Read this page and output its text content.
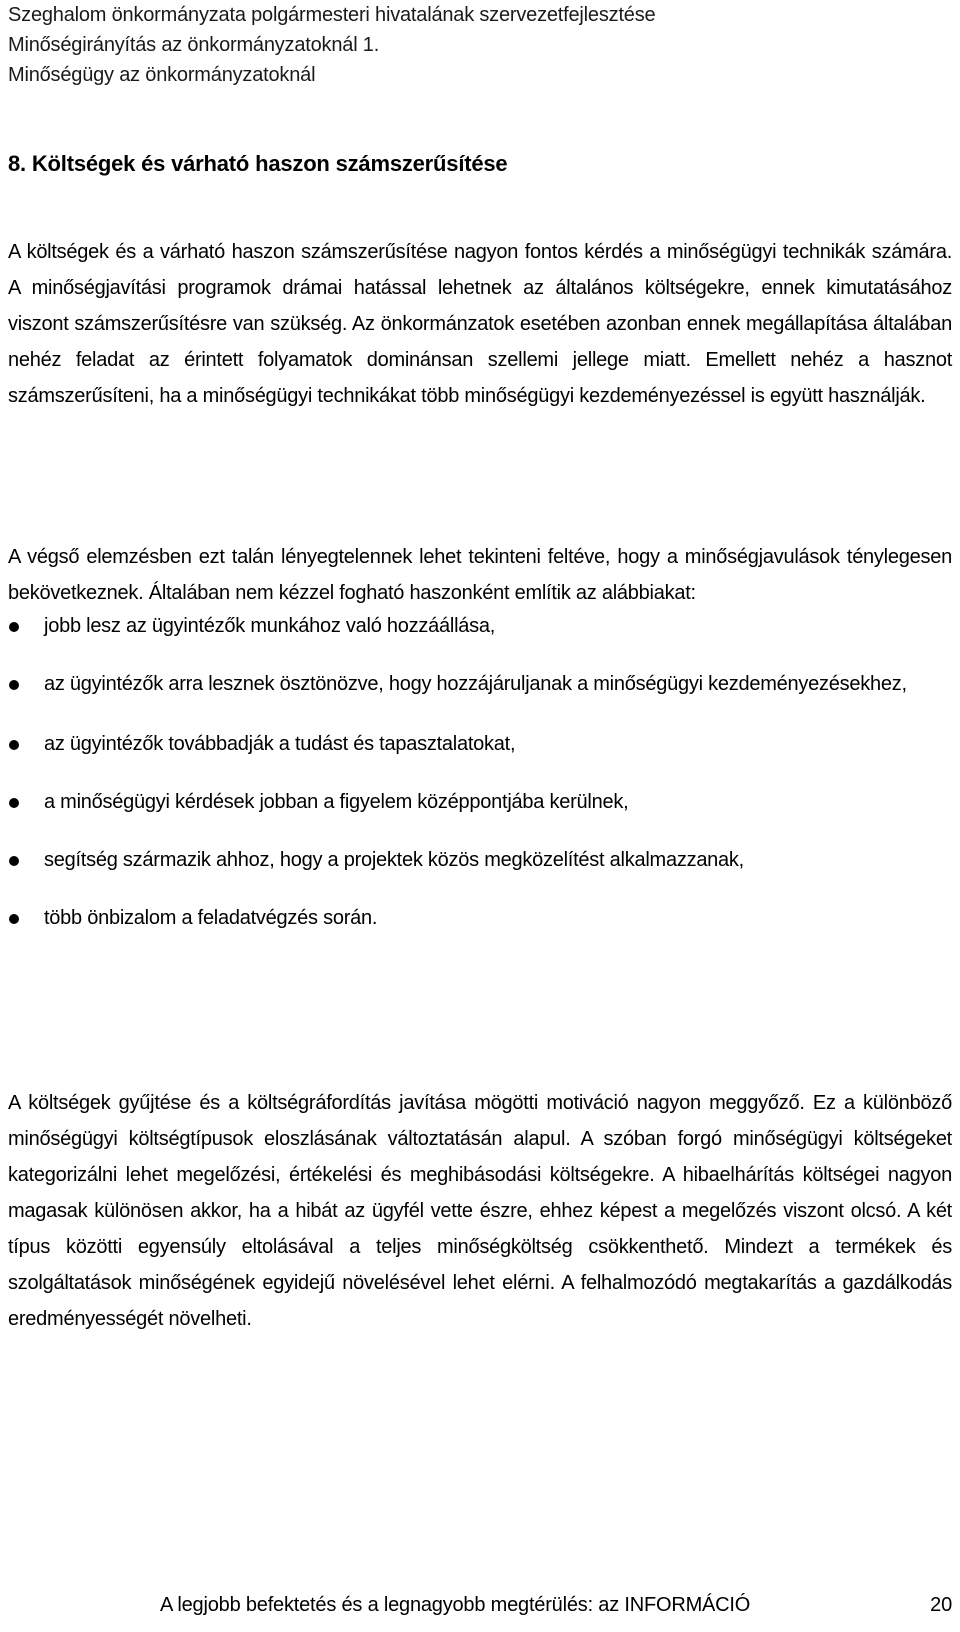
Szeghalom önkormányzata polgármesteri hivatalának szervezetfejlesztése
Minőségirányítás az önkormányzatoknál 1.
Minőségügy az önkormányzatoknál
8. Költségek és várható haszon számszerűsítése

A költségek és a várható haszon számszerűsítése nagyon fontos kérdés a minőségügyi technikák számára. A minőségjavítási programok drámai hatással lehetnek az általános költségekre, ennek kimutatásához viszont számszerűsítésre van szükség. Az önkormánzatok esetében azonban ennek megállapítása általában nehéz feladat az érintett folyamatok dominánsan szellemi jellege miatt. Emellett nehéz a hasznot számszerűsíteni, ha a minőségügyi technikákat több minőségügyi kezdeményezéssel is együtt használják.

A végső elemzésben ezt talán lényegtelennek lehet tekinteni feltéve, hogy a minőségjavulások ténylegesen bekövetkeznek. Általában nem kézzel fogható haszonként említik az alábbiakat:

jobb lesz az ügyintézők munkához való hozzáállása,
az ügyintézők arra lesznek ösztönözve, hogy hozzájáruljanak a minőségügyi kezdeményezésekhez,
az ügyintézők továbbadják a tudást és tapasztalatokat,
a minőségügyi kérdések jobban a figyelem középpontjába kerülnek,
segítség származik ahhoz, hogy a projektek közös megközelítést alkalmazzanak,
több önbizalom a feladatvégzés során.

A költségek gyűjtése és a költségráfordítás javítása mögötti motiváció nagyon meggyőző. Ez a különböző minőségügyi költségtípusok eloszlásának változtatásán alapul. A szóban forgó minőségügyi költségeket kategorizálni lehet megelőzési, értékelési és meghibásodási költségekre. A hibaelhárítás költségei nagyon magasak különösen akkor, ha a hibát az ügyfél vette észre, ehhez képest a megelőzés viszont olcsó. A két típus közötti egyensúly eltolásával a teljes minőségköltség csökkenthető. Mindezt a termékek és szolgáltatások minőségének egyidejű növelésével lehet elérni. A felhalmozódó megtakarítás a gazdálkodás eredményességét növelheti.

A legjobb befektetés és a legnagyobb megtérülés: az INFORMÁCIÓ	20
